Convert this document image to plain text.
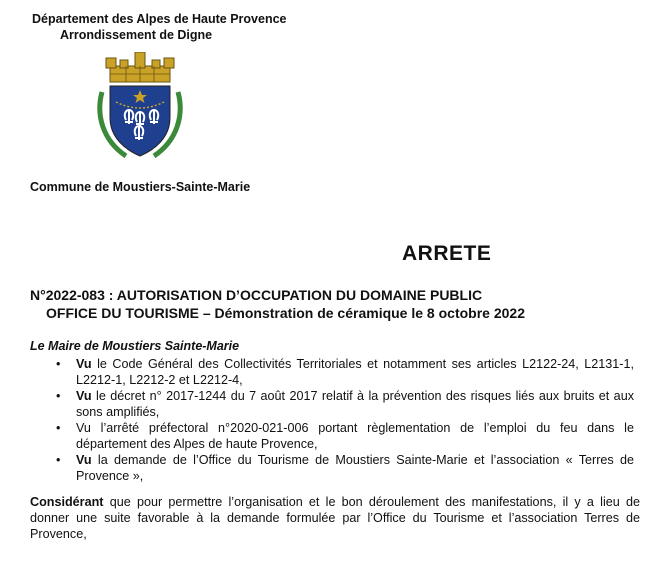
Département des Alpes de Haute Provence
Arrondissement de Digne
Commune de Moustiers-Sainte-Marie
ARRETE
N°2022-083 : AUTORISATION D’OCCUPATION DU DOMAINE PUBLIC
OFFICE DU TOURISME – Démonstration de céramique le 8 octobre 2022
Le Maire de Moustiers Sainte-Marie
• Vu le Code Général des Collectivités Territoriales et notamment ses articles L2122-24, L2131-1, L2212-1, L2212-2 et L2212-4,
• Vu le décret n° 2017-1244 du 7 août 2017 relatif à la prévention des risques liés aux bruits et aux sons amplifiés,
• Vu l’arrêté préfectoral n°2020-021-006 portant règlementation de l’emploi du feu dans le département des Alpes de haute Provence,
• Vu la demande de l’Office du Tourisme de Moustiers Sainte-Marie et l’association « Terres de Provence »,
Considérant que pour permettre l’organisation et le bon déroulement des manifestations, il y a lieu de donner une suite favorable à la demande formulée par l’Office du Tourisme et l’association Terres de Provence,
